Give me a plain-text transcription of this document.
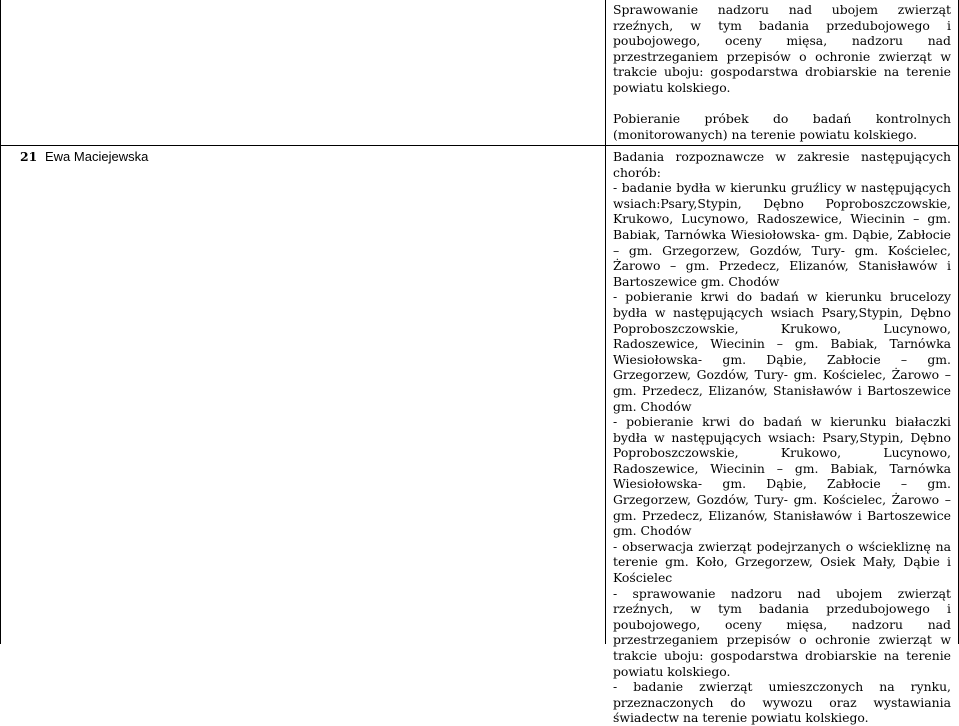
Sprawowanie nadzoru nad ubojem zwierząt rzeźnych, w tym badania przedubojowego i poubojowego, oceny mięsa, nadzoru nad przestrzeganiem przepisów o ochronie zwierząt w trakcie uboju: gospodarstwa drobiarskie na terenie powiatu kolskiego.

Pobieranie próbek do badań kontrolnych (monitorowanych) na terenie powiatu kolskiego.

21 Ewa Maciejewska	Badania rozpoznawcze w zakresie następujących chorób:

- badanie bydła w kierunku gruźlicy w następujących wsiach:Psary,Stypin, Dębno Poproboszczowskie, Krukowo, Lucynowo, Radoszewice, Wiecinin – gm. Babiak, Tarnówka Wiesiołowska- gm. Dąbie, Zabłocie – gm. Grzegorzew, Gozdów, Tury- gm. Kościelec, Żarowo – gm. Przedecz, Elizanów, Stanisławów i Bartoszewice gm. Chodów

- pobieranie krwi do badań w kierunku brucelozy bydła w następujących wsiach Psary,Stypin, Dębno Poproboszczowskie, Krukowo, Lucynowo, Radoszewice, Wiecinin – gm. Babiak, Tarnówka Wiesiołowska- gm. Dąbie, Zabłocie – gm. Grzegorzew, Gozdów, Tury- gm. Kościelec, Żarowo – gm. Przedecz, Elizanów, Stanisławów i Bartoszewice gm. Chodów

- pobieranie krwi do badań w kierunku białaczki bydła w następujących wsiach: Psary,Stypin, Dębno Poproboszczowskie, Krukowo, Lucynowo, Radoszewice, Wiecinin – gm. Babiak, Tarnówka Wiesiołowska- gm. Dąbie, Zabłocie – gm. Grzegorzew, Gozdów, Tury- gm. Kościelec, Żarowo – gm. Przedecz, Elizanów, Stanisławów i Bartoszewice gm. Chodów

- obserwacja zwierząt podejrzanych o wściekliznę na terenie gm. Koło, Grzegorzew, Osiek Mały, Dąbie i Kościelec

- sprawowanie nadzoru nad ubojem zwierząt rzeźnych, w tym badania przedubojowego i poubojowego, oceny mięsa, nadzoru nad przestrzeganiem przepisów o ochronie zwierząt w trakcie uboju: gospodarstwa drobiarskie na terenie powiatu kolskiego.

- badanie zwierząt umieszczonych na rynku, przeznaczonych do wywozu oraz wystawiania świadectw na terenie powiatu kolskiego.
